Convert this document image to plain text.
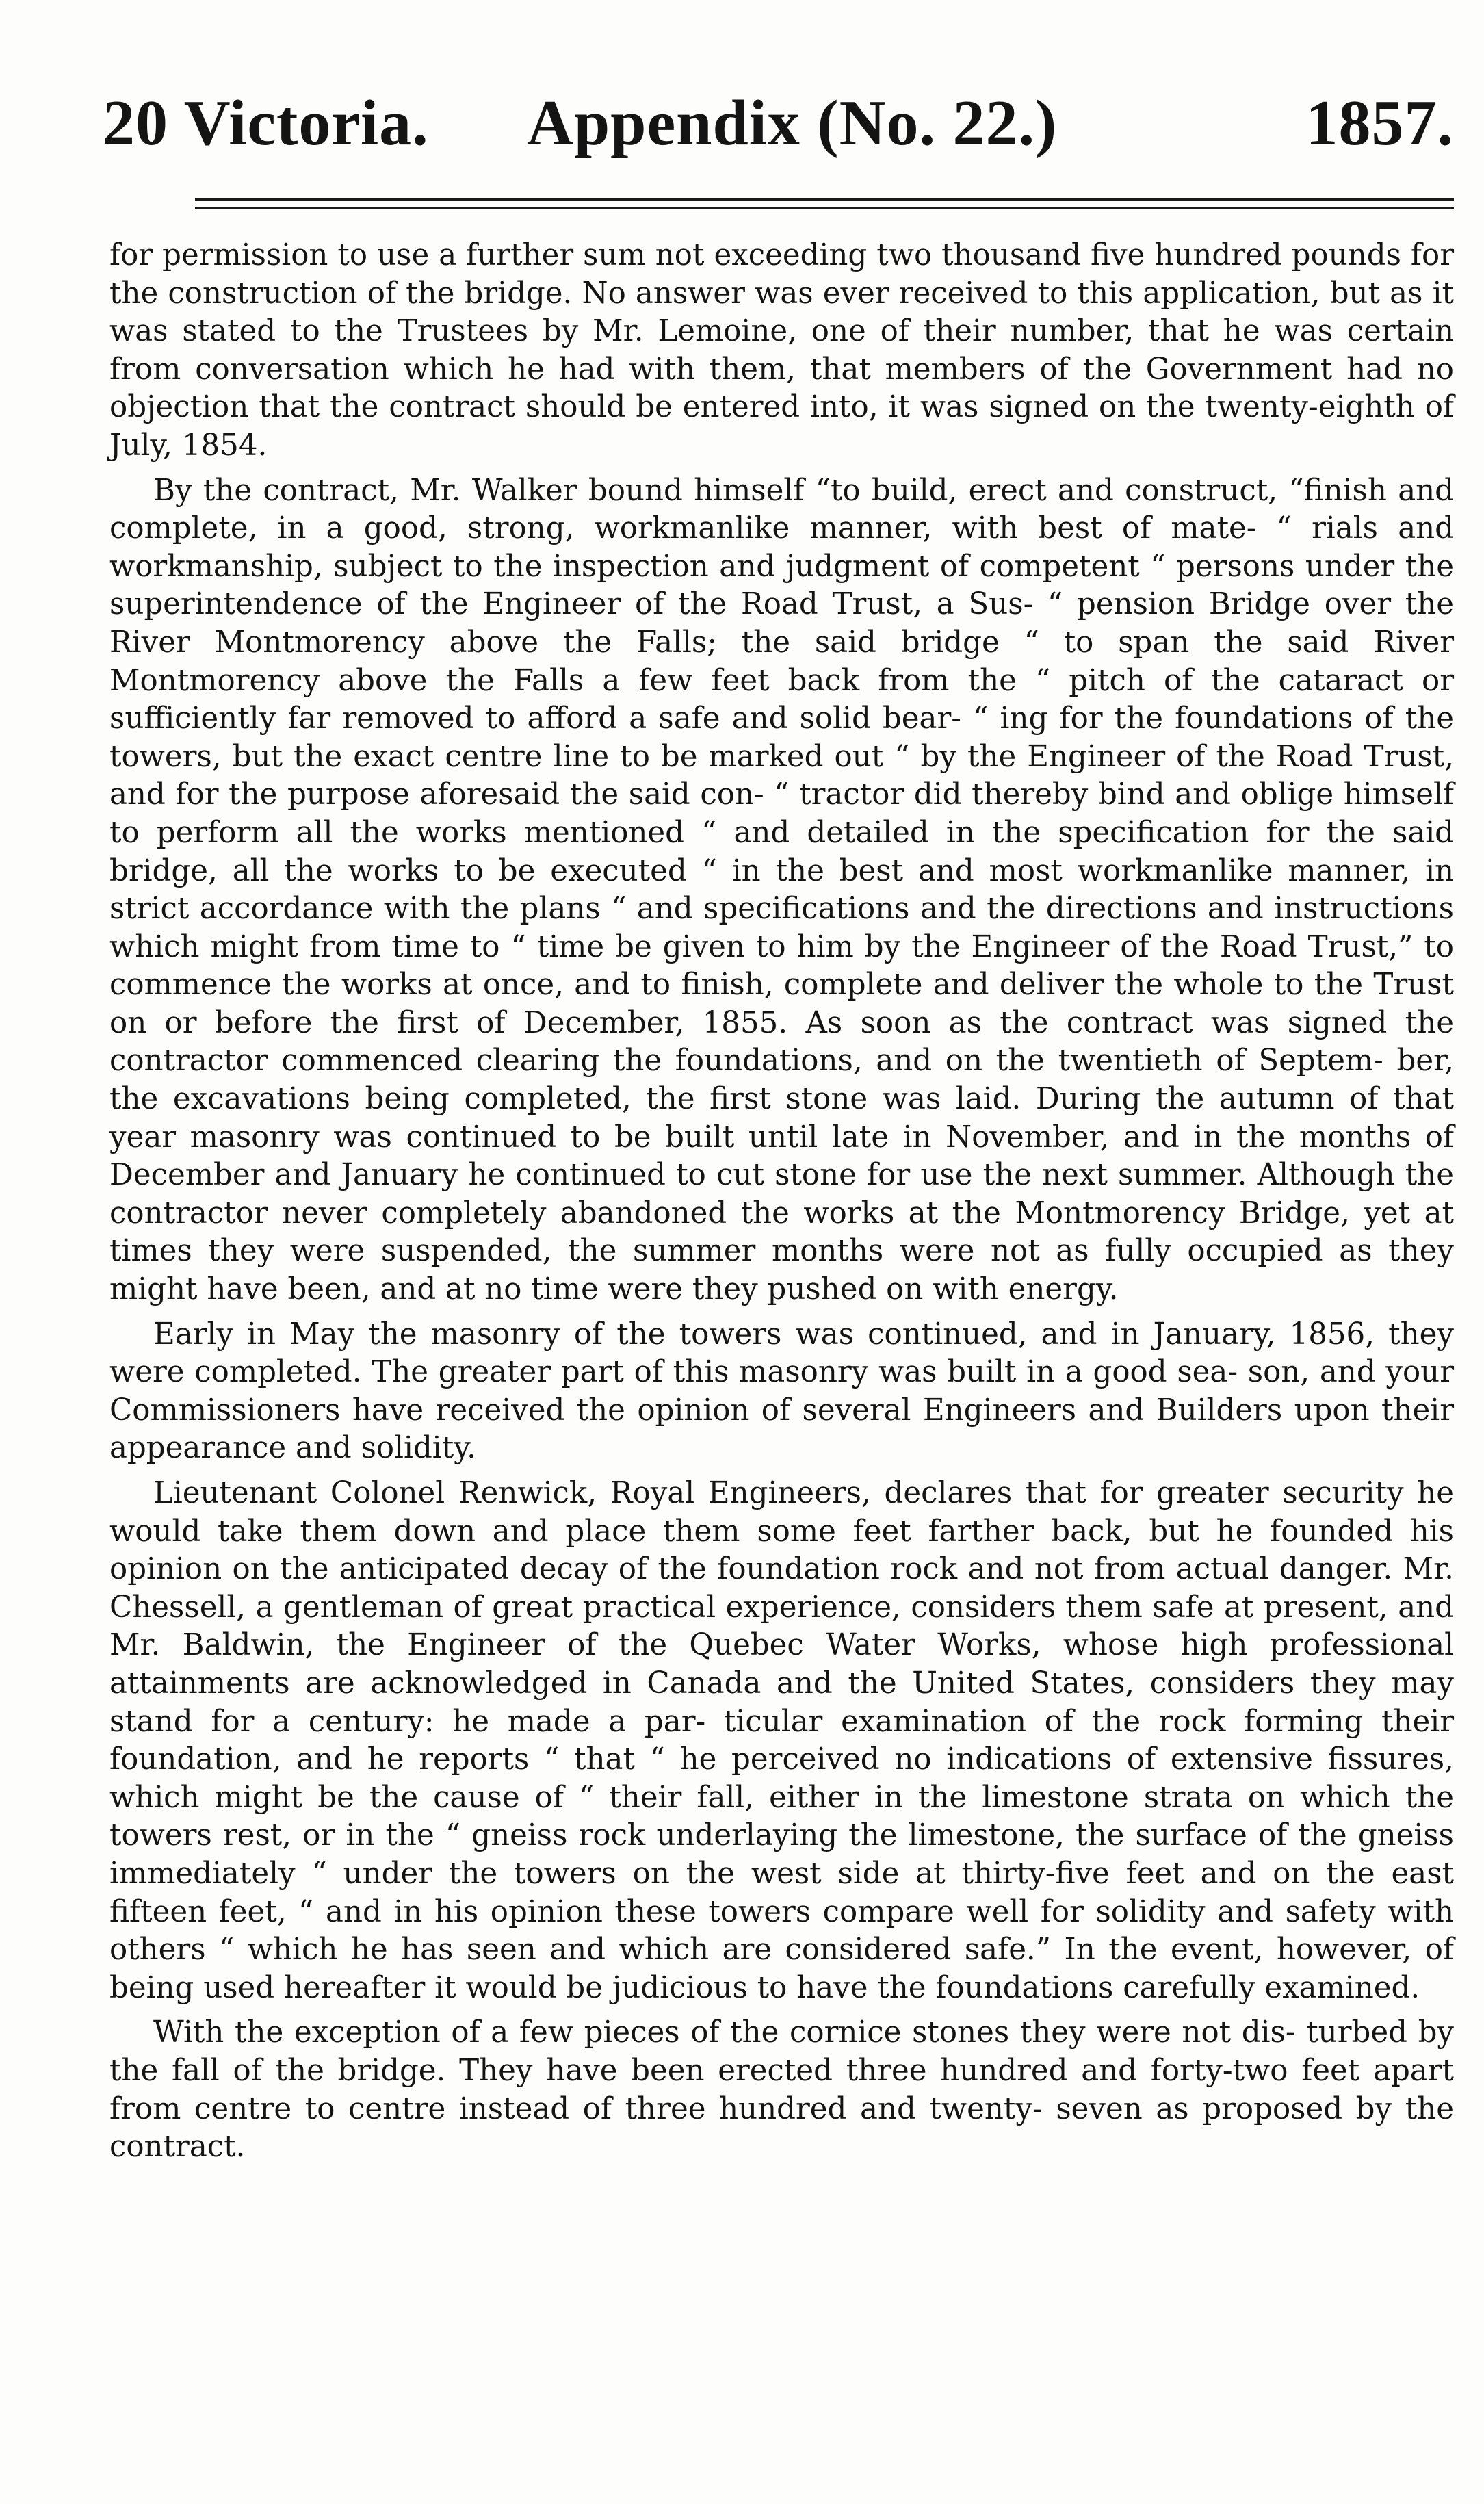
20 Victoria. Appendix (No. 22.)	1857.

for permission to use a further sum not exceeding two thousand five hundred pounds for the construction of the bridge. No answer was ever received to this application, but as it was stated to the Trustees by Mr. Lemoine, one of their number, that he was certain from conversation which he had with them, that members of the Government had no objection that the contract should be entered into, it was signed on the twenty-eighth of July, 1854.

By the contract, Mr. Walker bound himself “to build, erect and construct, “finish and complete, in a good, strong, workmanlike manner, with best of mate- “ rials and workmanship, subject to the inspection and judgment of competent “ persons under the superintendence of the Engineer of the Road Trust, a Sus- “ pension Bridge over the River Montmorency above the Falls; the said bridge “ to span the said River Montmorency above the Falls a few feet back from the “ pitch of the cataract or sufficiently far removed to afford a safe and solid bear- “ ing for the foundations of the towers, but the exact centre line to be marked out “ by the Engineer of the Road Trust, and for the purpose aforesaid the said con- “ tractor did thereby bind and oblige himself to perform all the works mentioned “ and detailed in the specification for the said bridge, all the works to be executed “ in the best and most workmanlike manner, in strict accordance with the plans “ and specifications and the directions and instructions which might from time to “ time be given to him by the Engineer of the Road Trust,” to commence the works at once, and to finish, complete and deliver the whole to the Trust on or before the first of December, 1855. As soon as the contract was signed the contractor commenced clearing the foundations, and on the twentieth of Septem- ber, the excavations being completed, the first stone was laid. During the autumn of that year masonry was continued to be built until late in November, and in the months of December and January he continued to cut stone for use the next summer. Although the contractor never completely abandoned the works at the Montmorency Bridge, yet at times they were suspended, the summer months were not as fully occupied as they might have been, and at no time were they pushed on with energy.

Early in May the masonry of the towers was continued, and in January, 1856, they were completed. The greater part of this masonry was built in a good sea- son, and your Commissioners have received the opinion of several Engineers and Builders upon their appearance and solidity.

Lieutenant Colonel Renwick, Royal Engineers, declares that for greater security he would take them down and place them some feet farther back, but he founded his opinion on the anticipated decay of the foundation rock and not from actual danger. Mr. Chessell, a gentleman of great practical experience, considers them safe at present, and Mr. Baldwin, the Engineer of the Quebec Water Works, whose high professional attainments are acknowledged in Canada and the United States, considers they may stand for a century: he made a par- ticular examination of the rock forming their foundation, and he reports “ that “ he perceived no indications of extensive fissures, which might be the cause of “ their fall, either in the limestone strata on which the towers rest, or in the “ gneiss rock underlaying the limestone, the surface of the gneiss immediately “ under the towers on the west side at thirty-five feet and on the east fifteen feet, “ and in his opinion these towers compare well for solidity and safety with others “ which he has seen and which are considered safe.” In the event, however, of being used hereafter it would be judicious to have the foundations carefully examined.

With the exception of a few pieces of the cornice stones they were not dis- turbed by the fall of the bridge. They have been erected three hundred and forty-two feet apart from centre to centre instead of three hundred and twenty- seven as proposed by the contract.
